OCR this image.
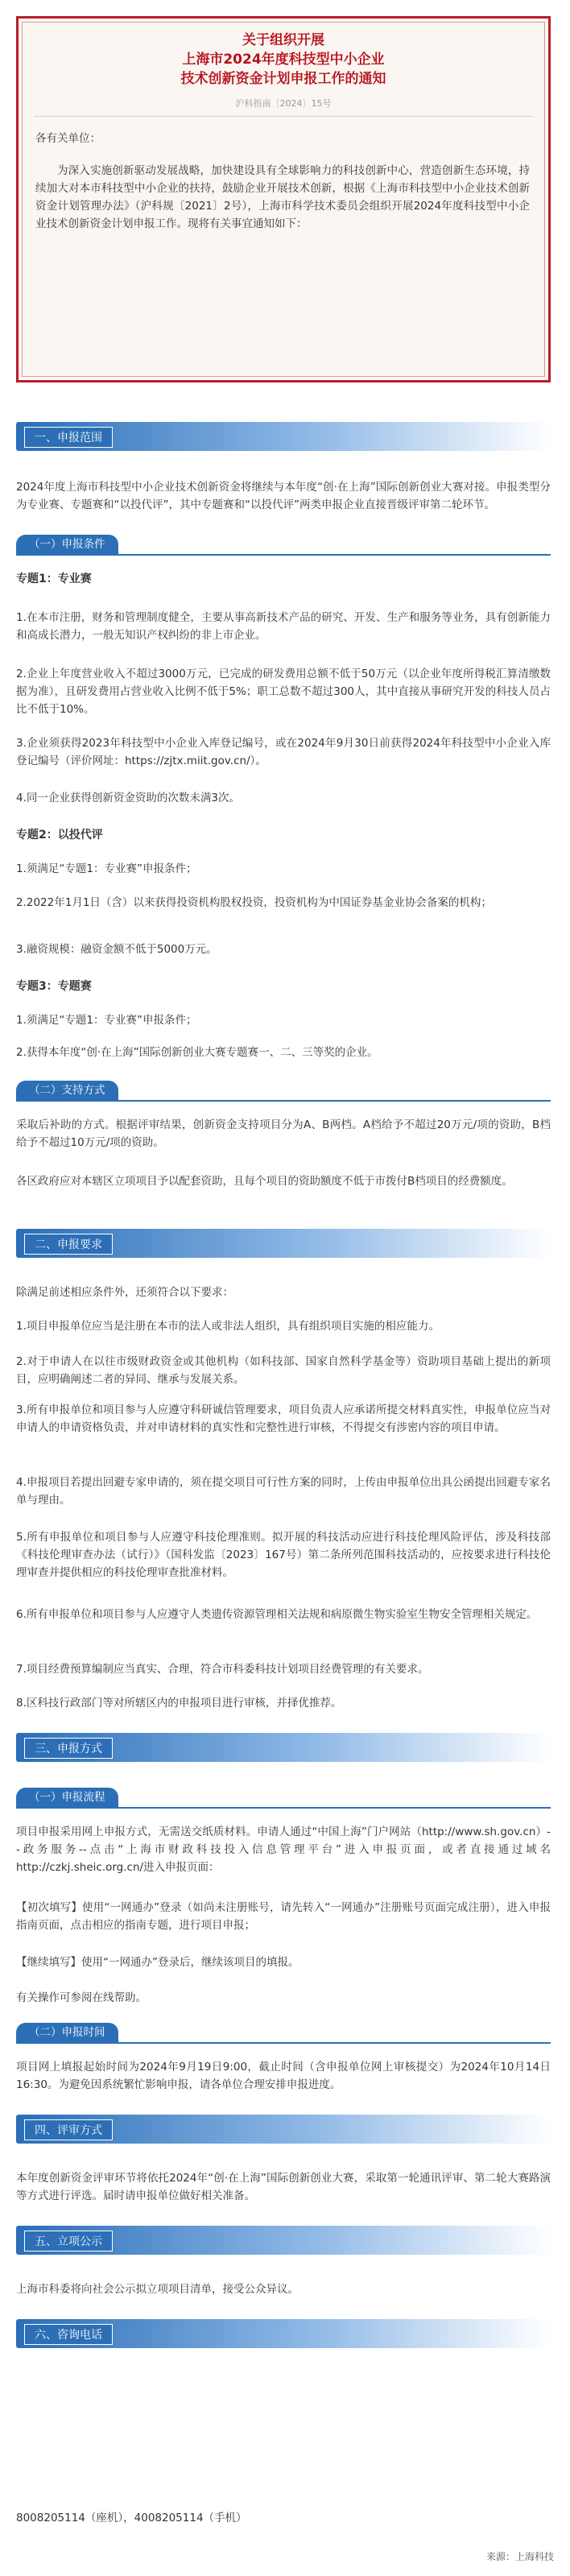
关于组织开展
上海市2024年度科技型中小企业
技术创新资金计划申报工作的通知
沪科指南〔2024〕15号
各有关单位：
为深入实施创新驱动发展战略，加快建设具有全球影响力的科技创新中心，营造创新生态环境，持续加大对本市科技型中小企业的扶持，鼓励企业开展技术创新，根据《上海市科技型中小企业技术创新资金计划管理办法》（沪科规〔2021〕2号），上海市科学技术委员会组织开展2024年度科技型中小企业技术创新资金计划申报工作。现将有关事宜通知如下：
一、申报范围
2024年度上海市科技型中小企业技术创新资金将继续与本年度“创·在上海”国际创新创业大赛对接。申报类型分为专业赛、专题赛和“以投代评”，其中专题赛和“以投代评”两类申报企业直接晋级评审第二轮环节。
（一）申报条件
专题1：专业赛
1.在本市注册，财务和管理制度健全，主要从事高新技术产品的研究、开发、生产和服务等业务，具有创新能力和高成长潜力，一般无知识产权纠纷的非上市企业。
2.企业上年度营业收入不超过3000万元，已完成的研发费用总额不低于50万元（以企业年度所得税汇算清缴数据为准），且研发费用占营业收入比例不低于5%；职工总数不超过300人，其中直接从事研究开发的科技人员占比不低于10%。
3.企业须获得2023年科技型中小企业入库登记编号，或在2024年9月30日前获得2024年科技型中小企业入库登记编号（评价网址：https://zjtx.miit.gov.cn/）。
4.同一企业获得创新资金资助的次数未满3次。
专题2：以投代评
1.须满足“专题1：专业赛”申报条件；
2.2022年1月1日（含）以来获得投资机构股权投资，投资机构为中国证券基金业协会备案的机构；
3.融资规模：融资金额不低于5000万元。
专题3：专题赛
1.须满足“专题1：专业赛”申报条件；
2.获得本年度“创·在上海”国际创新创业大赛专题赛一、二、三等奖的企业。
（二）支持方式
采取后补助的方式。根据评审结果，创新资金支持项目分为A、B两档。A档给予不超过20万元/项的资助，B档给予不超过10万元/项的资助。
各区政府应对本辖区立项项目予以配套资助，且每个项目的资助额度不低于市拨付B档项目的经费额度。
二、申报要求
除满足前述相应条件外，还须符合以下要求：
1.项目申报单位应当是注册在本市的法人或非法人组织，具有组织项目实施的相应能力。
2.对于申请人在以往市级财政资金或其他机构（如科技部、国家自然科学基金等）资助项目基础上提出的新项目，应明确阐述二者的异同、继承与发展关系。
3.所有申报单位和项目参与人应遵守科研诚信管理要求，项目负责人应承诺所提交材料真实性，申报单位应当对申请人的申请资格负责，并对申请材料的真实性和完整性进行审核，不得提交有涉密内容的项目申请。
4.申报项目若提出回避专家申请的，须在提交项目可行性方案的同时，上传由申报单位出具公函提出回避专家名单与理由。
5.所有申报单位和项目参与人应遵守科技伦理准则。拟开展的科技活动应进行科技伦理风险评估，涉及科技部《科技伦理审查办法（试行）》（国科发监〔2023〕167号）第二条所列范围科技活动的，应按要求进行科技伦理审查并提供相应的科技伦理审查批准材料。
6.所有申报单位和项目参与人应遵守人类遗传资源管理相关法规和病原微生物实验室生物安全管理相关规定。
7.项目经费预算编制应当真实、合理，符合市科委科技计划项目经费管理的有关要求。
8.区科技行政部门等对所辖区内的申报项目进行审核，并择优推荐。
三、申报方式
（一）申报流程
项目申报采用网上申报方式，无需送交纸质材料。申请人通过“中国上海”门户网站（http://www.sh.gov.cn）--政务服务--点击“上海市财政科技投入信息管理平台”进入申报页面，或者直接通过域名http://czkj.sheic.org.cn/进入申报页面：
【初次填写】使用“一网通办”登录（如尚未注册账号，请先转入“一网通办”注册账号页面完成注册），进入申报指南页面，点击相应的指南专题，进行项目申报；
【继续填写】使用“一网通办”登录后，继续该项目的填报。
有关操作可参阅在线帮助。
（二）申报时间
项目网上填报起始时间为2024年9月19日9:00，截止时间（含申报单位网上审核提交）为2024年10月14日16:30。为避免因系统繁忙影响申报，请各单位合理安排申报进度。
四、评审方式
本年度创新资金评审环节将依托2024年“创·在上海”国际创新创业大赛，采取第一轮通讯评审、第二轮大赛路演等方式进行评选。届时请申报单位做好相关准备。
五、立项公示
上海市科委将向社会公示拟立项项目清单，接受公众异议。
六、咨询电话
8008205114（座机），4008205114（手机）
来源：上海科技
